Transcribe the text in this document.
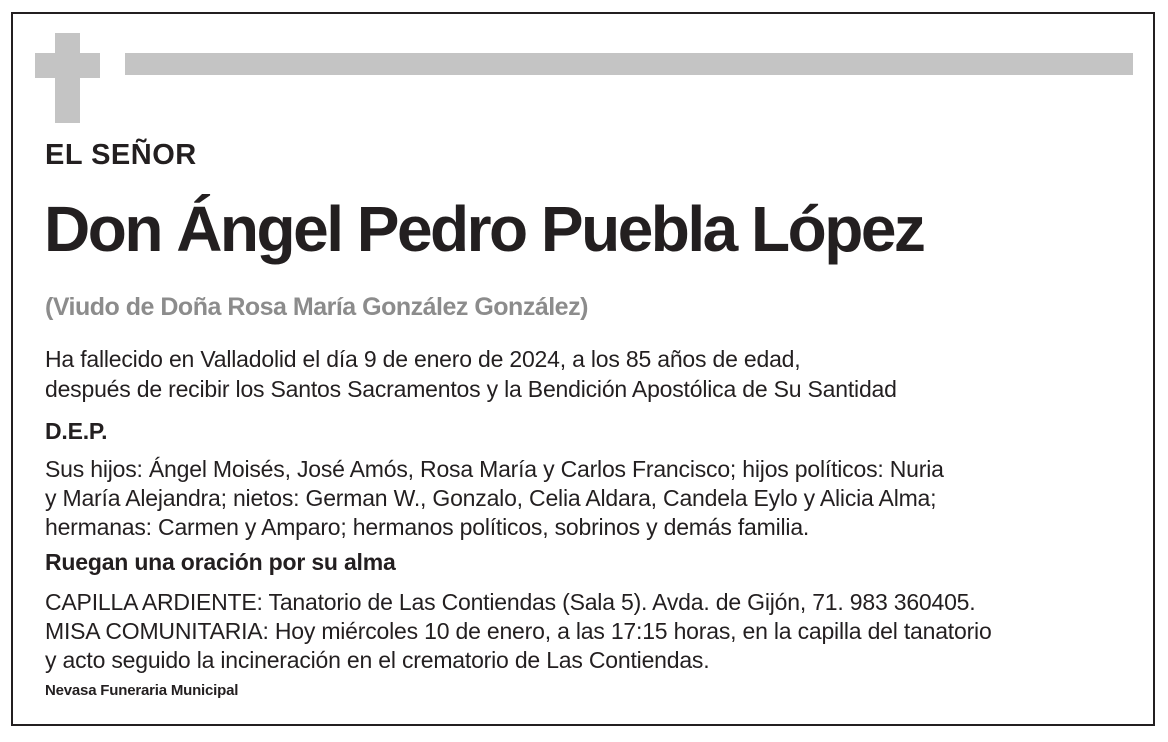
EL SEÑOR
Don Ángel Pedro Puebla López
(Viudo de Doña Rosa María González González)
Ha fallecido en Valladolid el día 9 de enero de 2024, a los 85 años de edad,
después de recibir los Santos Sacramentos y la Bendición Apostólica de Su Santidad
D.E.P.
Sus hijos: Ángel Moisés, José Amós, Rosa María y Carlos Francisco; hijos políticos: Nuria
y María Alejandra; nietos: German W., Gonzalo, Celia Aldara, Candela Eylo y Alicia Alma;
hermanas: Carmen y Amparo; hermanos políticos, sobrinos y demás familia.
Ruegan una oración por su alma
CAPILLA ARDIENTE: Tanatorio de Las Contiendas (Sala 5). Avda. de Gijón, 71. 983 360405.
MISA COMUNITARIA: Hoy miércoles 10 de enero, a las 17:15 horas, en la capilla del tanatorio
y acto seguido la incineración en el crematorio de Las Contiendas.
Nevasa Funeraria Municipal
